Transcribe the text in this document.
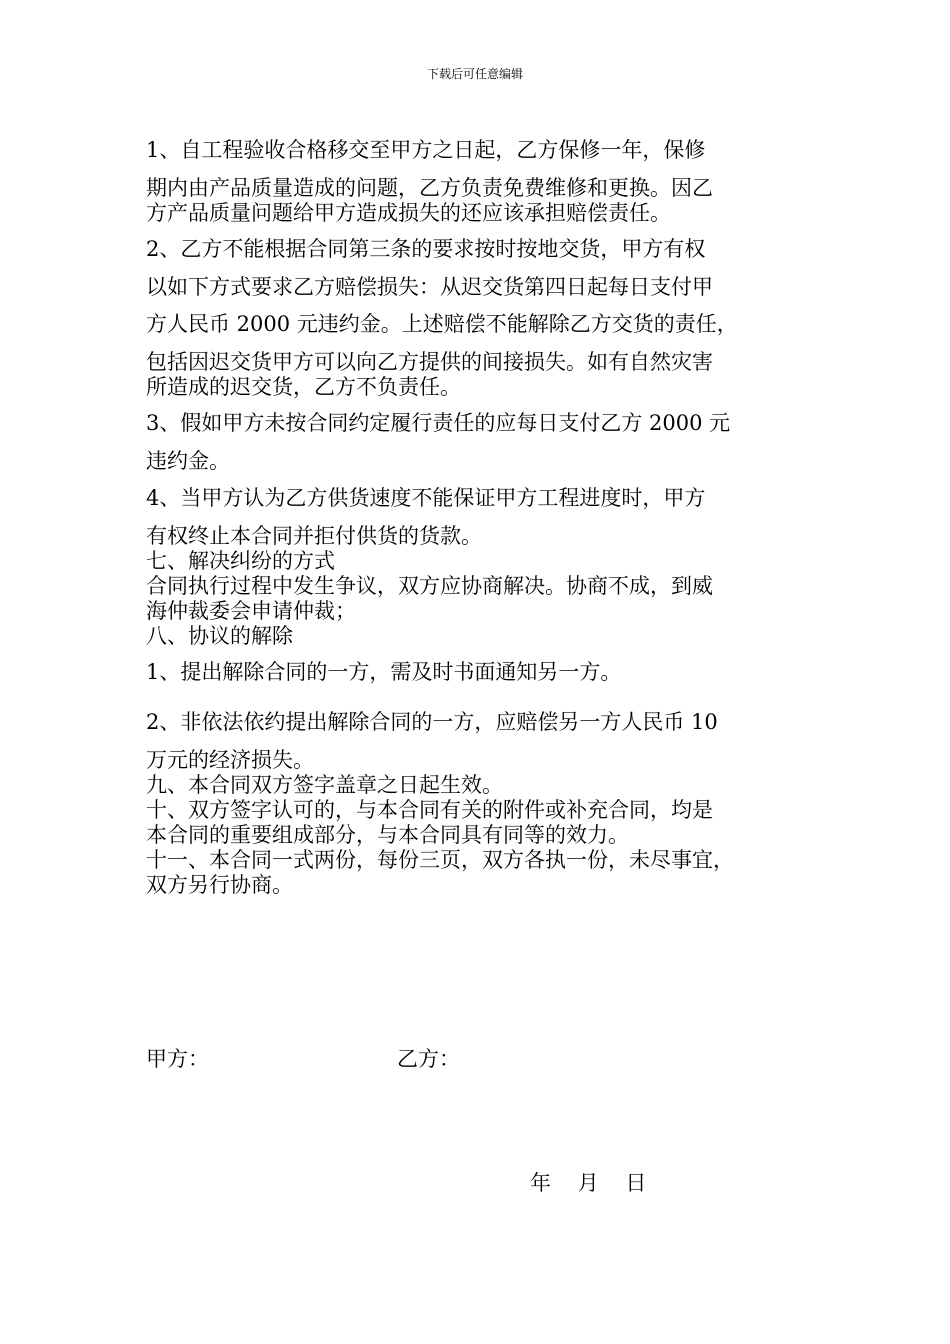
下载后可任意编辑
1、自工程验收合格移交至甲方之日起，乙方保修一年，保修
期内由产品质量造成的问题，乙方负责免费维修和更换。因乙
方产品质量问题给甲方造成损失的还应该承担赔偿责任。
2、乙方不能根据合同第三条的要求按时按地交货，甲方有权
以如下方式要求乙方赔偿损失：从迟交货第四日起每日支付甲
方人民币 2000 元违约金。上述赔偿不能解除乙方交货的责任，
包括因迟交货甲方可以向乙方提供的间接损失。如有自然灾害
所造成的迟交货，乙方不负责任。
3、假如甲方未按合同约定履行责任的应每日支付乙方 2000 元
违约金。
4、当甲方认为乙方供货速度不能保证甲方工程进度时，甲方
有权终止本合同并拒付供货的货款。
七、解决纠纷的方式
合同执行过程中发生争议，双方应协商解决。协商不成，到威
海仲裁委会申请仲裁；
八、协议的解除
1、提出解除合同的一方，需及时书面通知另一方。
2、非依法依约提出解除合同的一方，应赔偿另一方人民币 10
万元的经济损失。
九、本合同双方签字盖章之日起生效。
十、双方签字认可的，与本合同有关的附件或补充合同，均是
本合同的重要组成部分，与本合同具有同等的效力。
十一、本合同一式两份，每份三页，双方各执一份，未尽事宜，
双方另行协商。
甲方：	乙方：
年    月    日
